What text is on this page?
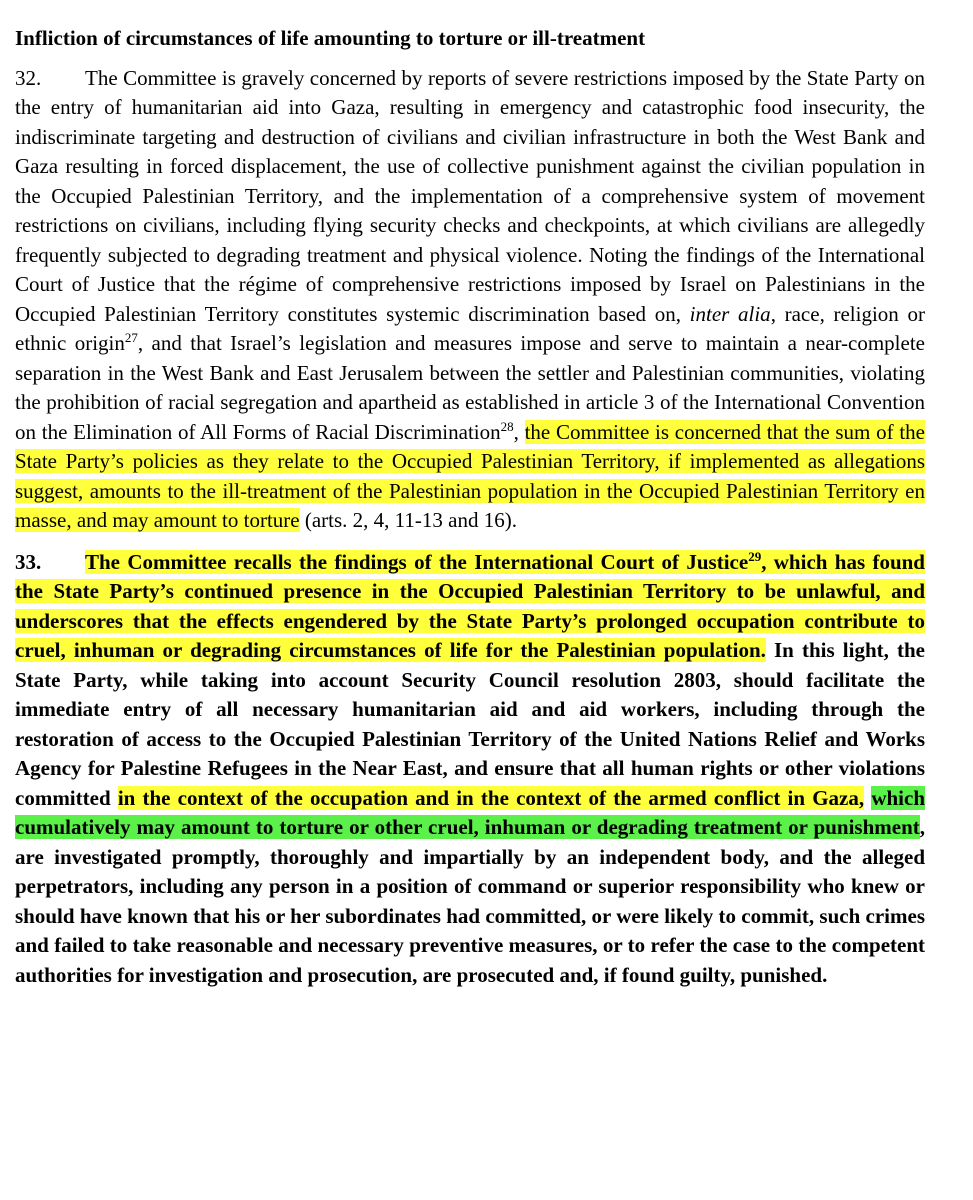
Infliction of circumstances of life amounting to torture or ill-treatment
32. The Committee is gravely concerned by reports of severe restrictions imposed by the State Party on the entry of humanitarian aid into Gaza, resulting in emergency and catastrophic food insecurity, the indiscriminate targeting and destruction of civilians and civilian infrastructure in both the West Bank and Gaza resulting in forced displacement, the use of collective punishment against the civilian population in the Occupied Palestinian Territory, and the implementation of a comprehensive system of movement restrictions on civilians, including flying security checks and checkpoints, at which civilians are allegedly frequently subjected to degrading treatment and physical violence. Noting the findings of the International Court of Justice that the régime of comprehensive restrictions imposed by Israel on Palestinians in the Occupied Palestinian Territory constitutes systemic discrimination based on, inter alia, race, religion or ethnic origin$^{27}$, and that Israel’s legislation and measures impose and serve to maintain a near-complete separation in the West Bank and East Jerusalem between the settler and Palestinian communities, violating the prohibition of racial segregation and apartheid as established in article 3 of the International Convention on the Elimination of All Forms of Racial Discrimination$^{28}$, the Committee is concerned that the sum of the State Party’s policies as they relate to the Occupied Palestinian Territory, if implemented as allegations suggest, amounts to the ill-treatment of the Palestinian population in the Occupied Palestinian Territory en masse, and may amount to torture (arts. 2, 4, 11-13 and 16).
33. The Committee recalls the findings of the International Court of Justice$^{29}$, which has found the State Party’s continued presence in the Occupied Palestinian Territory to be unlawful, and underscores that the effects engendered by the State Party’s prolonged occupation contribute to cruel, inhuman or degrading circumstances of life for the Palestinian population. In this light, the State Party, while taking into account Security Council resolution 2803, should facilitate the immediate entry of all necessary humanitarian aid and aid workers, including through the restoration of access to the Occupied Palestinian Territory of the United Nations Relief and Works Agency for Palestine Refugees in the Near East, and ensure that all human rights or other violations committed in the context of the occupation and in the context of the armed conflict in Gaza, which cumulatively may amount to torture or other cruel, inhuman or degrading treatment or punishment, are investigated promptly, thoroughly and impartially by an independent body, and the alleged perpetrators, including any person in a position of command or superior responsibility who knew or should have known that his or her subordinates had committed, or were likely to commit, such crimes and failed to take reasonable and necessary preventive measures, or to refer the case to the competent authorities for investigation and prosecution, are prosecuted and, if found guilty, punished.
